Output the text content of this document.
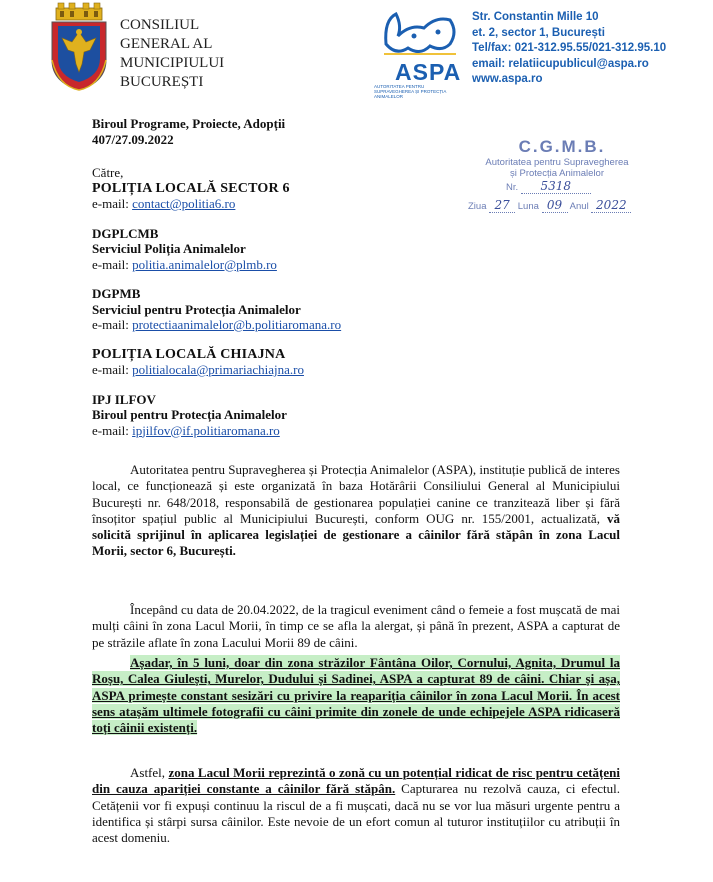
CONSILIUL
GENERAL AL
MUNICIPIULUI
BUCUREȘTI	ASPA
AUTORITATEA PENTRU SUPRAVEGHEREA ȘI PROTECȚIA ANIMALELOR
Str. Constantin Mille 10
et. 2, sector 1, București
Tel/fax: 021-312.95.55/021-312.95.10
email: relatiicupublicul@aspa.ro
www.aspa.ro
Biroul Programe, Proiecte, Adopții
407/27.09.2022	C.G.M.B.
Autoritatea pentru Supravegherea
și Protecția Animalelor
Nr. 5318
Ziua 27 Luna 09 Anul 2022
Către,
POLIȚIA LOCALĂ SECTOR 6
e-mail: contact@politia6.ro
DGPLCMB
Serviciul Poliția Animalelor
e-mail: politia.animalelor@plmb.ro
DGPMB
Serviciul pentru Protecția Animalelor
e-mail: protectiaanimalelor@b.politiaromana.ro
POLIȚIA LOCALĂ CHIAJNA
e-mail: politialocala@primariachiajna.ro
IPJ ILFOV
Biroul pentru Protecția Animalelor
e-mail: ipjilfov@if.politiaromana.ro
Autoritatea pentru Supravegherea și Protecția Animalelor (ASPA), instituție publică de interes local, ce funcționează și este organizată în baza Hotărârii Consiliului General al Municipiului București nr. 648/2018, responsabilă de gestionarea populației canine ce tranzitează liber și fără însoțitor spațiul public al Municipiului București, conform OUG nr. 155/2001, actualizată, vă solicită sprijinul în aplicarea legislației de gestionare a câinilor fără stăpân în zona Lacul Morii, sector 6, București.
Începând cu data de 20.04.2022, de la tragicul eveniment când o femeie a fost mușcată de mai mulți câini în zona Lacul Morii, în timp ce se afla la alergat, și până în prezent, ASPA a capturat de pe străzile aflate în zona Lacului Morii 89 de câini.
Așadar, în 5 luni, doar din zona străzilor Fântâna Oilor, Cornului, Agnita, Drumul la Roșu, Calea Giulești, Murelor, Dudului și Sadinei, ASPA a capturat 89 de câini. Chiar și așa, ASPA primește constant sesizări cu privire la reapariția câinilor în zona Lacul Morii. În acest sens atașăm ultimele fotografii cu câini primite din zonele de unde echipejele ASPA ridicaseră toți câinii existenți.
Astfel, zona Lacul Morii reprezintă o zonă cu un potențial ridicat de risc pentru cetățeni din cauza apariției constante a câinilor fără stăpân. Capturarea nu rezolvă cauza, ci efectul. Cetățenii vor fi expuși continuu la riscul de a fi mușcati, dacă nu se vor lua măsuri urgente pentru a identifica și stârpi sursa câinilor. Este nevoie de un efort comun al tuturor instituțiilor cu atribuții în acest domeniu.
